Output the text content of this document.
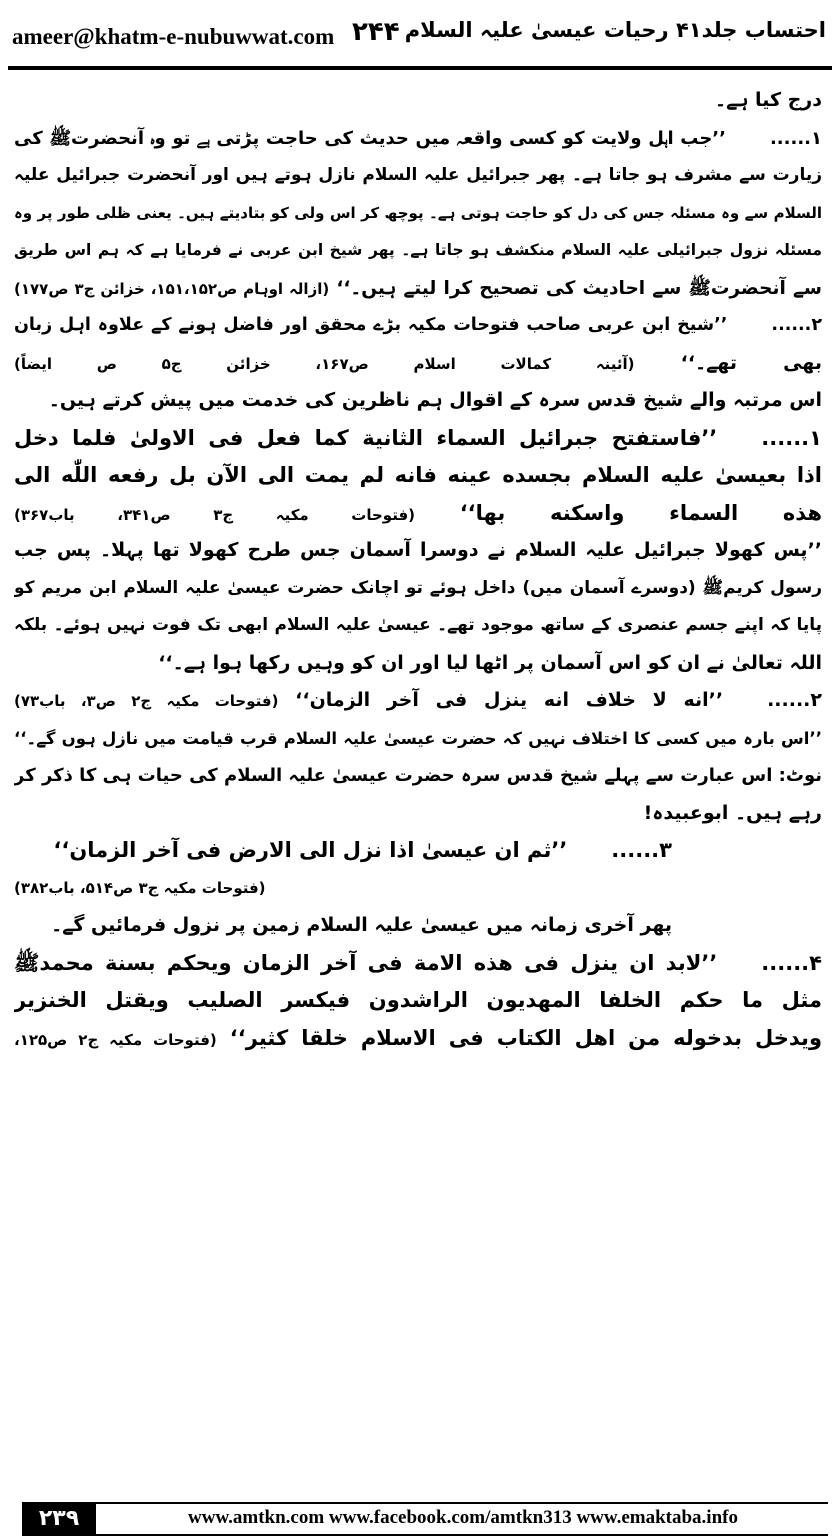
ameer@khatm-e-nubuwwat.com ۲۴۴ احتساب جلد۴۱ رحیات عیسیٰ علیہ السلام
درج کیا ہے۔
۱......’’جب اہل ولایت کو کسی واقعہ میں حدیث کی حاجت پڑتی ہے تو وہ آنحضرتﷺ کی
زیارت سے مشرف ہو جاتا ہے۔ پھر جبرائیل علیہ السلام نازل ہوتے ہیں اور آنحضرت جبرائیل علیہ
السلام سے وہ مسئلہ جس کی دل کو حاجت ہوتی ہے۔ پوچھ کر اس ولی کو بتادیتے ہیں۔ یعنی ظلی طور پر وہ
مسئلہ نزول جبرائیلی علیہ السلام منکشف ہو جاتا ہے۔ پھر شیخ ابن عربی نے فرمایا ہے کہ ہم اس طریق
سے آنحضرتﷺ سے احادیث کی تصحیح کرا لیتے ہیں۔‘‘ (ازالہ اوہام ص۱۵۱،۱۵۲، خزائن ج۳ ص۱۷۷)
۲......’’شیخ ابن عربی صاحب فتوحات مکیہ بڑے محقق اور فاضل ہونے کے علاوہ اہل زبان
بھی تھے۔‘‘ (آئینہ کمالات اسلام ص۱۶۷، خزائن ج۵ ص ایضاً)
اس مرتبہ والے شیخ قدس سرہ کے اقوال ہم ناظرین کی خدمت میں پیش کرتے ہیں۔
۱......’’فاستفتح جبرائیل السماء الثانیة کما فعل فی الاولیٰ فلما دخل
اذا بعیسیٰ علیه السلام بجسده عینه فانه لم یمت الی الآن بل رفعه اللّٰه الی
هذه السماء واسکنه بها‘‘ (فتوحات مکیہ ج۳ ص۳۴۱، باب۳۶۷)
’’پس کھولا جبرائیل علیہ السلام نے دوسرا آسمان جس طرح کھولا تھا پہلا۔ پس جب
رسول کریمﷺ (دوسرے آسمان میں) داخل ہوئے تو اچانک حضرت عیسیٰ علیہ السلام ابن مریم کو
پایا کہ اپنے جسم عنصری کے ساتھ موجود تھے۔ عیسیٰ علیہ السلام ابھی تک فوت نہیں ہوئے۔ بلکہ
اللہ تعالیٰ نے ان کو اس آسمان پر اٹھا لیا اور ان کو وہیں رکھا ہوا ہے۔‘‘
۲......’’انه لا خلاف انه ینزل فی آخر الزمان‘‘ (فتوحات مکیہ ج۲ ص۳، باب۷۳)
’’اس بارہ میں کسی کا اختلاف نہیں کہ حضرت عیسیٰ علیہ السلام قرب قیامت میں نازل ہوں گے۔‘‘
نوٹ: اس عبارت سے پہلے شیخ قدس سرہ حضرت عیسیٰ علیہ السلام کی حیات ہی کا ذکر کر
رہے ہیں۔ ابوعبیدہ!
۳......’’ثم ان عیسیٰ اذا نزل الی الارض فی آخر الزمان‘‘
(فتوحات مکیہ ج۳ ص۵۱۴، باب۳۸۲)
پھر آخری زمانہ میں عیسیٰ علیہ السلام زمین پر نزول فرمائیں گے۔
۴......’’لابد ان ینزل فی هذه الامة فی آخر الزمان ویحکم بسنة محمدﷺ
مثل ما حکم الخلفا المهدیون الراشدون فیکسر الصلیب ویقتل الخنزیر
ویدخل بدخوله من اهل الکتاب فی الاسلام خلقا کثیر‘‘ (فتوحات مکیہ ج۲ ص۱۲۵،
۲۳۹	www.amtkn.com www.facebook.com/amtkn313 www.emaktaba.info
